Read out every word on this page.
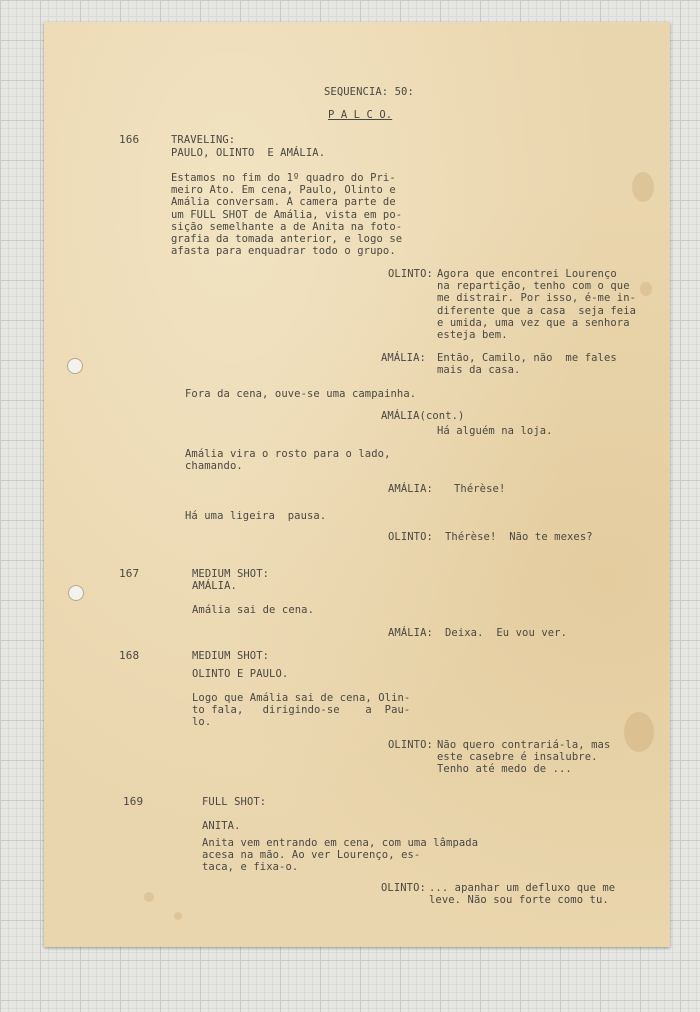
SEQUENCIA: 50:

P A L C O.

166	TRAVELING:

PAULO, OLINTO  E AMÁLIA.

Estamos no fim do 1º quadro do Pri-
meiro Ato. Em cena, Paulo, Olinto e
Amália conversam. A camera parte de
um FULL SHOT de Amália, vista em po-
sição semelhante a de Anita na foto-
grafia da tomada anterior, e logo se
afasta para enquadrar todo o grupo.

OLINTO: Agora que encontrei Lourenço
na repartição, tenho com o que
me distrair. Por isso, é-me in-
diferente que a casa  seja feia
e umida, uma vez que a senhora
esteja bem.

AMÁLIA: Então, Camilo, não  me fales
mais da casa.

Fora da cena, ouve-se uma campainha.

AMÁLIA(cont.)

Há alguém na loja.

Amália vira o rosto para o lado,
chamando.

AMÁLIA: Thérèse!

Há uma ligeira  pausa.

OLINTO: Thérèse!  Não te mexes?

167	MEDIUM SHOT:

AMÁLIA.

Amália sai de cena.

AMÁLIA: Deixa.  Eu vou ver.

168	MEDIUM SHOT:

OLINTO E PAULO.

Logo que Amália sai de cena, Olin-
to fala,   dirigindo-se    a  Pau-
lo.

OLINTO: Não quero contrariá-la, mas
este casebre é insalubre.
Tenho até medo de ...

169	FULL SHOT:

ANITA.

Anita vem entrando em cena, com uma lâmpada
acesa na mão. Ao ver Lourenço, es-
taca, e fixa-o.

OLINTO: ... apanhar um defluxo que me
leve. Não sou forte como tu.
